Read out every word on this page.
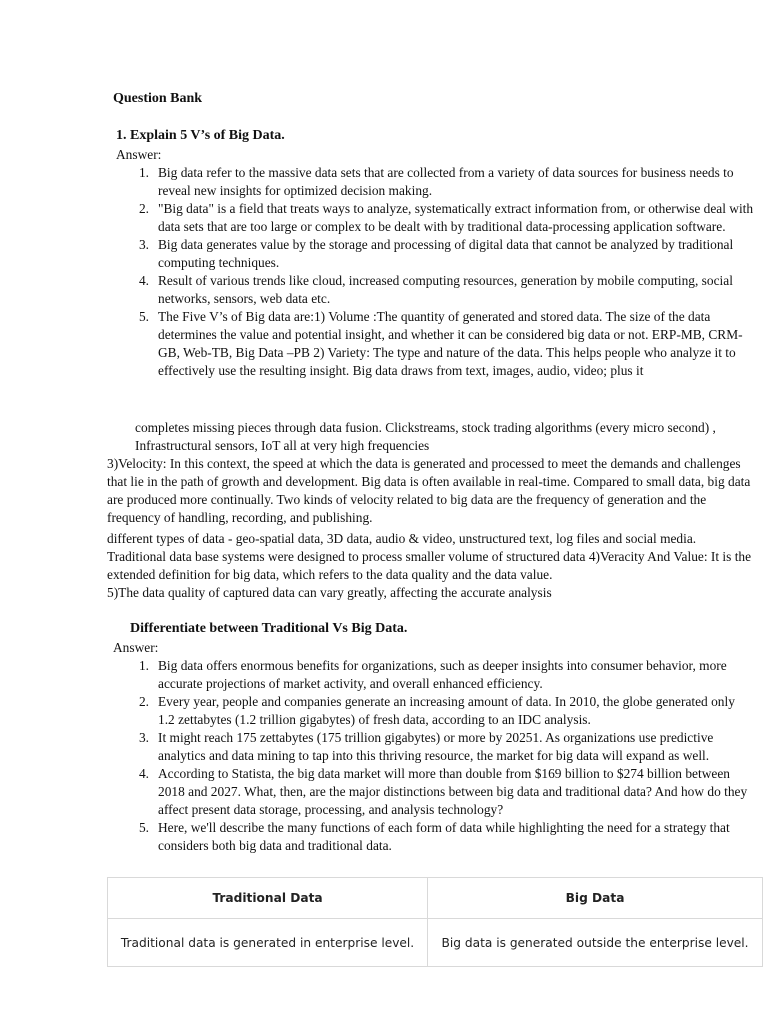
Question Bank
1. Explain 5 V’s of Big Data.
Answer:
1. Big data refer to the massive data sets that are collected from a variety of data sources for business needs to reveal new insights for optimized decision making.
2. "Big data" is a field that treats ways to analyze, systematically extract information from, or otherwise deal with data sets that are too large or complex to be dealt with by traditional data-processing application software.
3. Big data generates value by the storage and processing of digital data that cannot be analyzed by traditional computing techniques.
4. Result of various trends like cloud, increased computing resources, generation by mobile computing, social networks, sensors, web data etc.
5. The Five V’s of Big data are:1) Volume :The quantity of generated and stored data. The size of the data determines the value and potential insight, and whether it can be considered big data or not. ERP-MB, CRM-GB, Web-TB, Big Data –PB 2) Variety: The type and nature of the data. This helps people who analyze it to effectively use the resulting insight. Big data draws from text, images, audio, video; plus it
completes missing pieces through data fusion. Clickstreams, stock trading algorithms (every micro second) , Infrastructural sensors, IoT all at very high frequencies
3)Velocity: In this context, the speed at which the data is generated and processed to meet the demands and challenges that lie in the path of growth and development. Big data is often available in real-time. Compared to small data, big data are produced more continually. Two kinds of velocity related to big data are the frequency of generation and the frequency of handling, recording, and publishing.
different types of data - geo-spatial data, 3D data, audio & video, unstructured text, log files and social media. Traditional data base systems were designed to process smaller volume of structured data 4)Veracity And Value: It is the extended definition for big data, which refers to the data quality and the data value.
5)The data quality of captured data can vary greatly, affecting the accurate analysis
Differentiate between Traditional Vs Big Data.
Answer:
1. Big data offers enormous benefits for organizations, such as deeper insights into consumer behavior, more accurate projections of market activity, and overall enhanced efficiency.
2. Every year, people and companies generate an increasing amount of data. In 2010, the globe generated only 1.2 zettabytes (1.2 trillion gigabytes) of fresh data, according to an IDC analysis.
3. It might reach 175 zettabytes (175 trillion gigabytes) or more by 20251. As organizations use predictive analytics and data mining to tap into this thriving resource, the market for big data will expand as well.
4. According to Statista, the big data market will more than double from $169 billion to $274 billion between 2018 and 2027. What, then, are the major distinctions between big data and traditional data? And how do they affect present data storage, processing, and analysis technology?
5. Here, we'll describe the many functions of each form of data while highlighting the need for a strategy that considers both big data and traditional data.
Traditional Data	Big Data
Traditional data is generated in enterprise level.	Big data is generated outside the enterprise level.
